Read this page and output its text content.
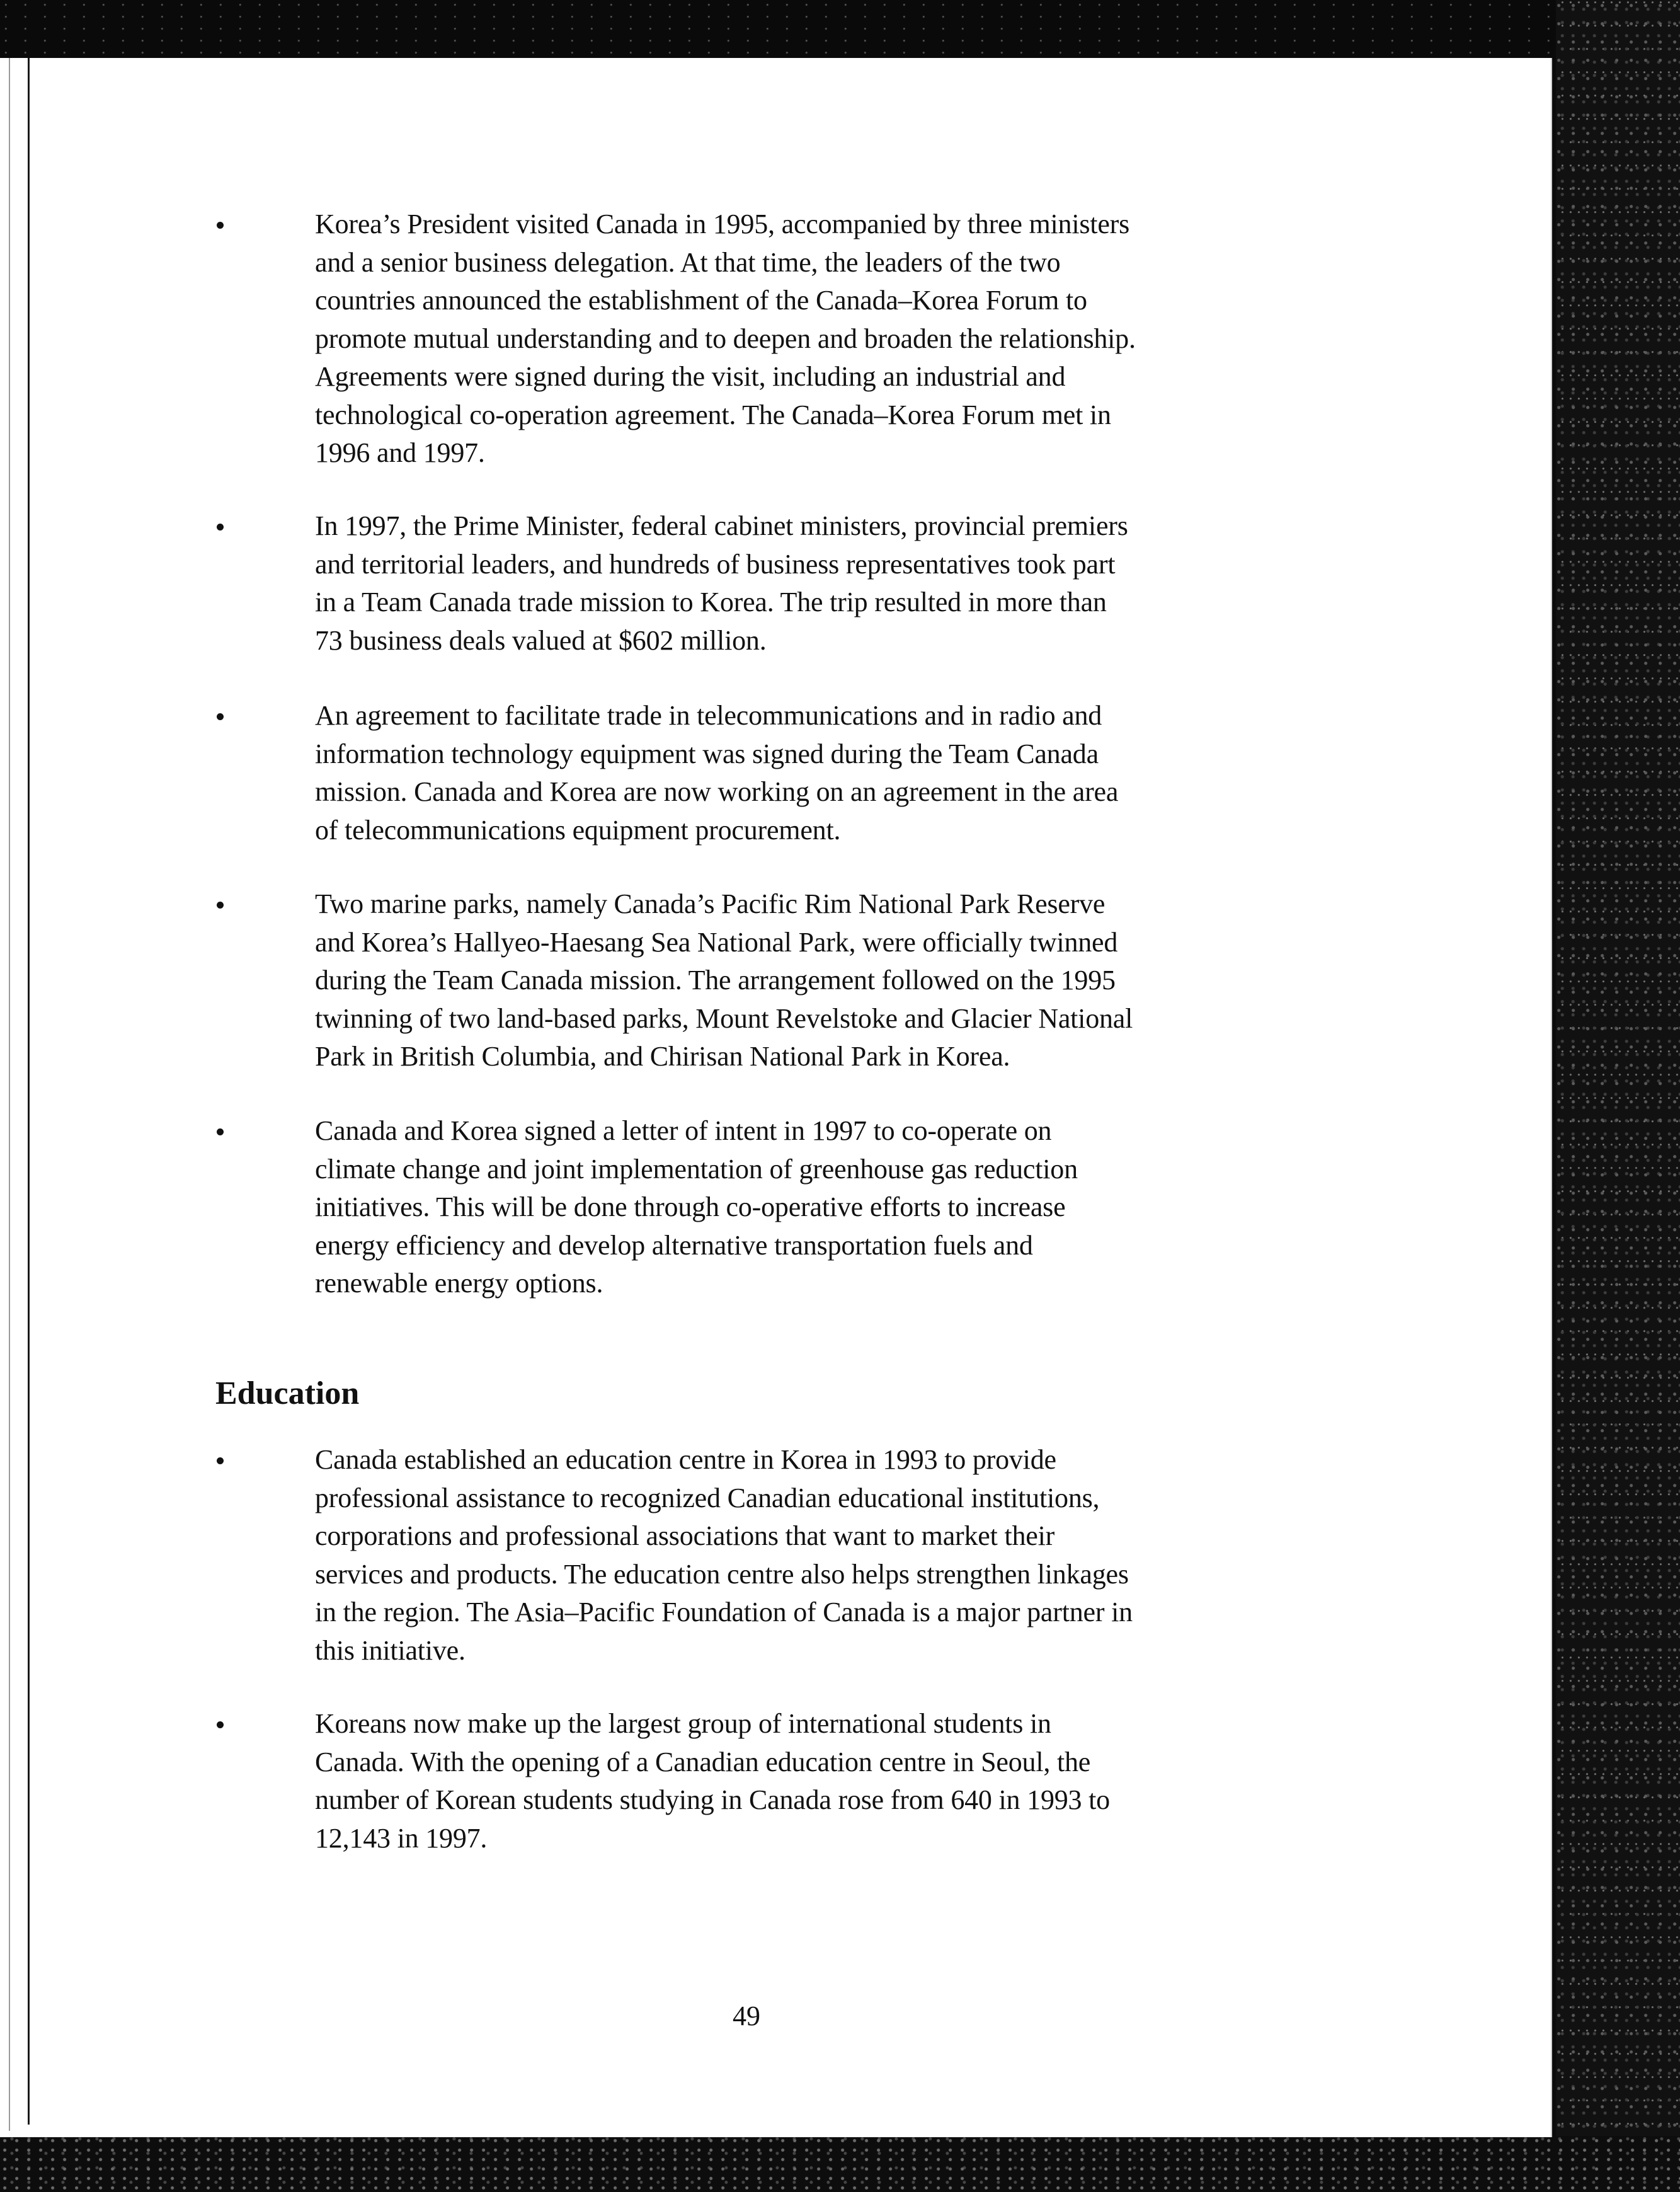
Korea’s President visited Canada in 1995, accompanied by three ministers
and a senior business delegation. At that time, the leaders of the two
countries announced the establishment of the Canada–Korea Forum to
promote mutual understanding and to deepen and broaden the relationship.
Agreements were signed during the visit, including an industrial and
technological co-operation agreement. The Canada–Korea Forum met in
1996 and 1997.
In 1997, the Prime Minister, federal cabinet ministers, provincial premiers
and territorial leaders, and hundreds of business representatives took part
in a Team Canada trade mission to Korea. The trip resulted in more than
73 business deals valued at $602 million.
An agreement to facilitate trade in telecommunications and in radio and
information technology equipment was signed during the Team Canada
mission. Canada and Korea are now working on an agreement in the area
of telecommunications equipment procurement.
Two marine parks, namely Canada’s Pacific Rim National Park Reserve
and Korea’s Hallyeo-Haesang Sea National Park, were officially twinned
during the Team Canada mission. The arrangement followed on the 1995
twinning of two land-based parks, Mount Revelstoke and Glacier National
Park in British Columbia, and Chirisan National Park in Korea.
Canada and Korea signed a letter of intent in 1997 to co-operate on
climate change and joint implementation of greenhouse gas reduction
initiatives. This will be done through co-operative efforts to increase
energy efficiency and develop alternative transportation fuels and
renewable energy options.
Education
Canada established an education centre in Korea in 1993 to provide
professional assistance to recognized Canadian educational institutions,
corporations and professional associations that want to market their
services and products. The education centre also helps strengthen linkages
in the region. The Asia–Pacific Foundation of Canada is a major partner in
this initiative.
Koreans now make up the largest group of international students in
Canada. With the opening of a Canadian education centre in Seoul, the
number of Korean students studying in Canada rose from 640 in 1993 to
12,143 in 1997.
49
